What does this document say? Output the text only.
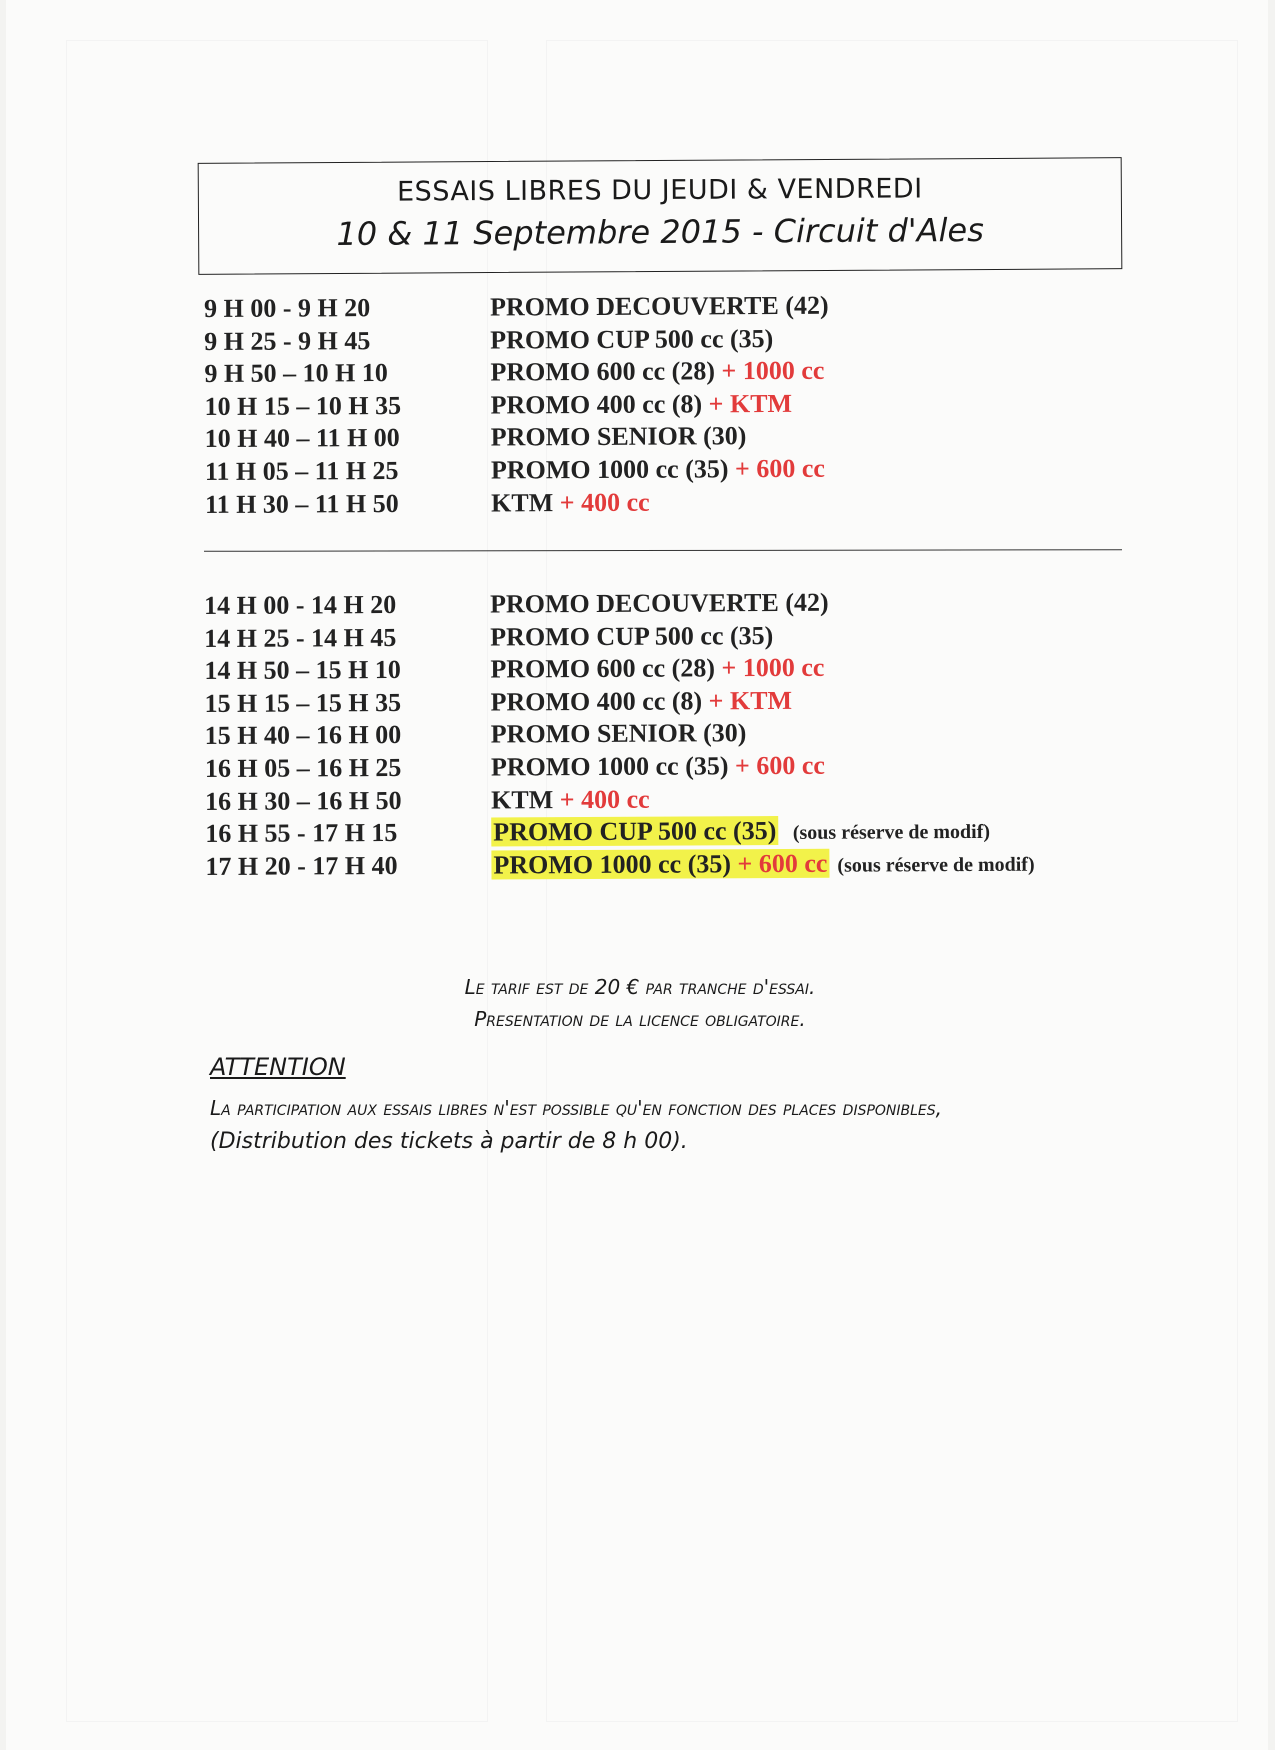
ESSAIS LIBRES DU JEUDI & VENDREDI
10 & 11 Septembre 2015 - Circuit d'Ales
9 H 00 - 9 H 20	PROMO DECOUVERTE (42)
9 H 25 - 9 H 45	PROMO CUP 500 cc (35)
9 H 50 – 10 H 10	PROMO 600 cc (28) + 1000 cc
10 H 15 – 10 H 35	PROMO 400 cc (8) + KTM
10 H 40 – 11 H 00	PROMO SENIOR (30)
11 H 05 – 11 H 25	PROMO 1000 cc (35) + 600 cc
11 H 30 – 11 H 50	KTM + 400 cc
14 H 00 - 14 H 20	PROMO DECOUVERTE (42)
14 H 25 - 14 H 45	PROMO CUP 500 cc (35)
14 H 50 – 15 H 10	PROMO 600 cc (28) + 1000 cc
15 H 15 – 15 H 35	PROMO 400 cc (8) + KTM
15 H 40 – 16 H 00	PROMO SENIOR (30)
16 H 05 – 16 H 25	PROMO 1000 cc (35) + 600 cc
16 H 30 – 16 H 50	KTM + 400 cc
16 H 55 - 17 H 15	PROMO CUP 500 cc (35) (sous réserve de modif)
17 H 20 - 17 H 40	PROMO 1000 cc (35) + 600 cc (sous réserve de modif)
Le tarif est de 20 € par tranche d'essai.
Presentation de la licence obligatoire.
ATTENTION
La participation aux essais libres n'est possible qu'en fonction des places disponibles,
(Distribution des tickets à partir de 8 h 00).
